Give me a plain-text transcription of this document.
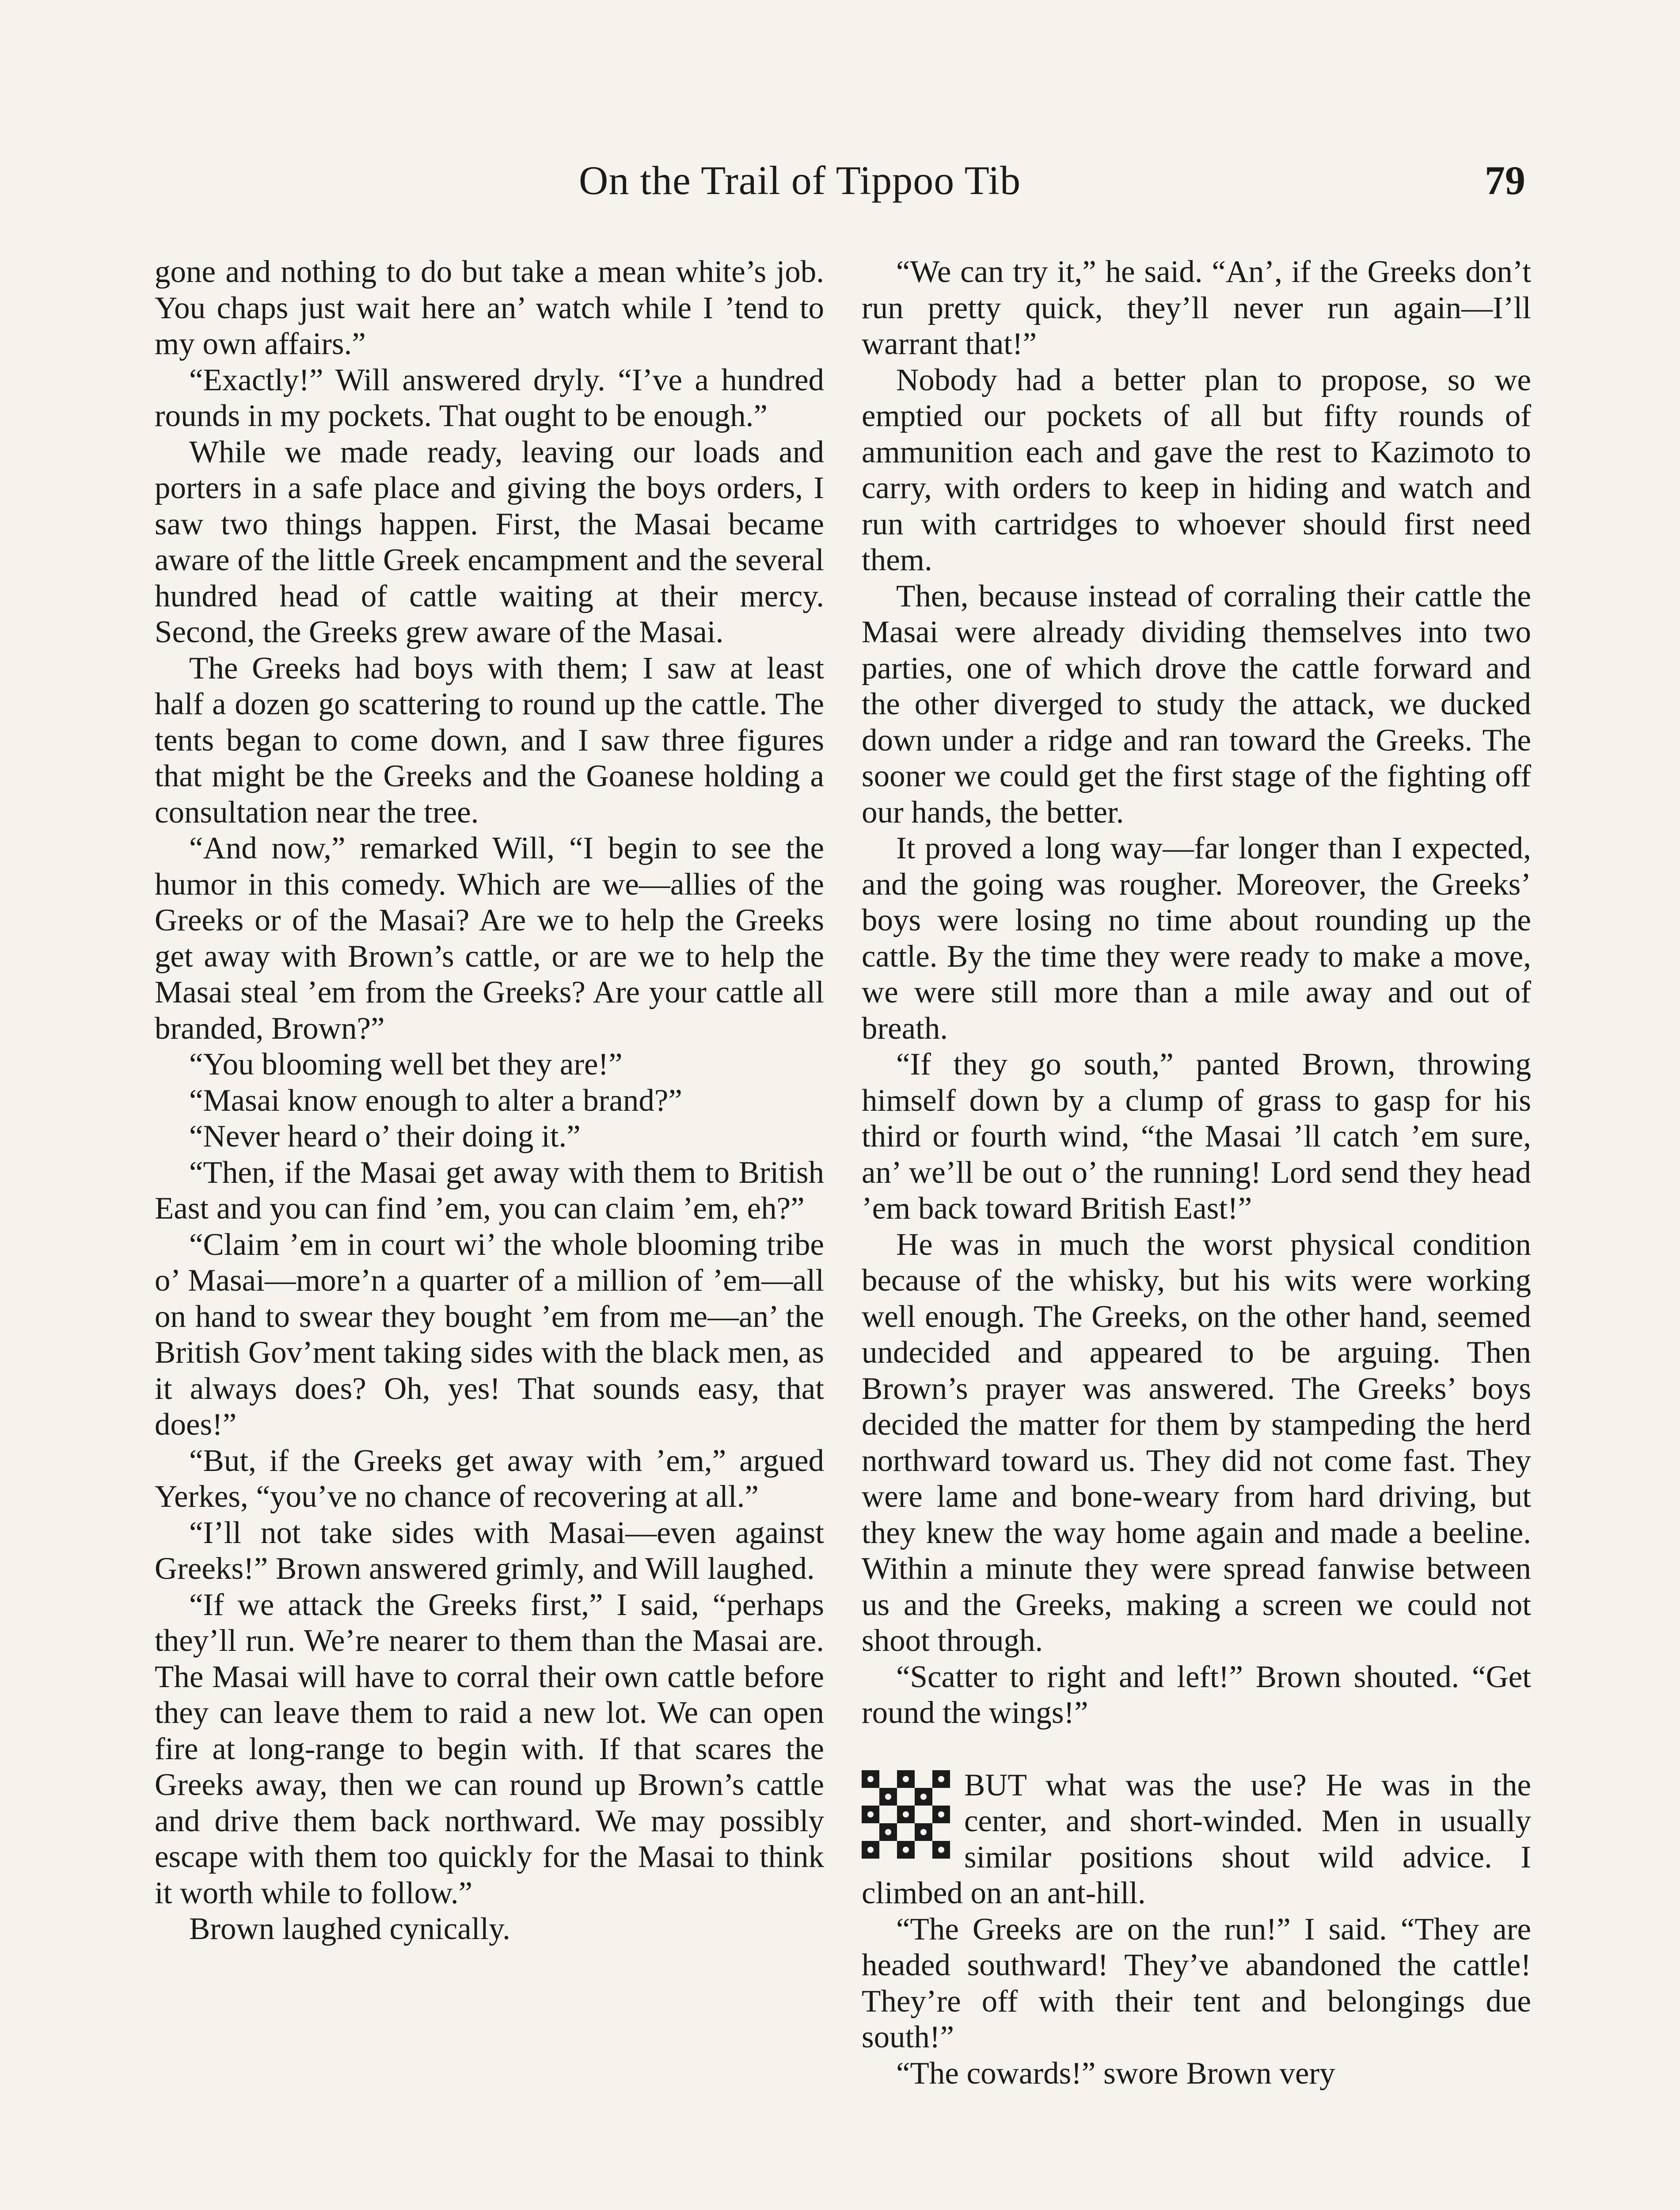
On the Trail of Tippoo Tib	79

gone and nothing to do but take a mean white’s job. You chaps just wait here an’ watch while I ’tend to my own affairs.”

“Exactly!” Will answered dryly. “I’ve a hundred rounds in my pockets. That ought to be enough.”

While we made ready, leaving our loads and porters in a safe place and giving the boys orders, I saw two things happen. First, the Masai became aware of the little Greek encampment and the several hundred head of cattle waiting at their mercy. Second, the Greeks grew aware of the Masai.

The Greeks had boys with them; I saw at least half a dozen go scattering to round up the cattle. The tents began to come down, and I saw three figures that might be the Greeks and the Goanese holding a consultation near the tree.

“And now,” remarked Will, “I begin to see the humor in this comedy. Which are we—allies of the Greeks or of the Masai? Are we to help the Greeks get away with Brown’s cattle, or are we to help the Masai steal ’em from the Greeks? Are your cattle all branded, Brown?”

“You blooming well bet they are!”

“Masai know enough to alter a brand?”

“Never heard o’ their doing it.”

“Then, if the Masai get away with them to British East and you can find ’em, you can claim ’em, eh?”

“Claim ’em in court wi’ the whole blooming tribe o’ Masai—more’n a quarter of a million of ’em—all on hand to swear they bought ’em from me—an’ the British Gov’ment taking sides with the black men, as it always does? Oh, yes! That sounds easy, that does!”

“But, if the Greeks get away with ’em,” argued Yerkes, “you’ve no chance of recovering at all.”

“I’ll not take sides with Masai—even against Greeks!” Brown answered grimly, and Will laughed.

“If we attack the Greeks first,” I said, “perhaps they’ll run. We’re nearer to them than the Masai are. The Masai will have to corral their own cattle before they can leave them to raid a new lot. We can open fire at long-range to begin with. If that scares the Greeks away, then we can round up Brown’s cattle and drive them back northward. We may possibly escape with them too quickly for the Masai to think it worth while to follow.”

Brown laughed cynically.

“We can try it,” he said. “An’, if the Greeks don’t run pretty quick, they’ll never run again—I’ll warrant that!”

Nobody had a better plan to propose, so we emptied our pockets of all but fifty rounds of ammunition each and gave the rest to Kazimoto to carry, with orders to keep in hiding and watch and run with cartridges to whoever should first need them.

Then, because instead of corraling their cattle the Masai were already dividing themselves into two parties, one of which drove the cattle forward and the other diverged to study the attack, we ducked down under a ridge and ran toward the Greeks. The sooner we could get the first stage of the fighting off our hands, the better.

It proved a long way—far longer than I expected, and the going was rougher. Moreover, the Greeks’ boys were losing no time about rounding up the cattle. By the time they were ready to make a move, we were still more than a mile away and out of breath.

“If they go south,” panted Brown, throwing himself down by a clump of grass to gasp for his third or fourth wind, “the Masai ’ll catch ’em sure, an’ we’ll be out o’ the running! Lord send they head ’em back toward British East!”

He was in much the worst physical condition because of the whisky, but his wits were working well enough. The Greeks, on the other hand, seemed undecided and appeared to be arguing. Then Brown’s prayer was answered. The Greeks’ boys decided the matter for them by stampeding the herd northward toward us. They did not come fast. They were lame and bone-weary from hard driving, but they knew the way home again and made a beeline. Within a minute they were spread fanwise between us and the Greeks, making a screen we could not shoot through.

“Scatter to right and left!” Brown shouted. “Get round the wings!”

BUT what was the use? He was in the center, and short-winded. Men in usually similar positions shout wild advice. I climbed on an ant-hill.

“The Greeks are on the run!” I said. “They are headed southward! They’ve abandoned the cattle! They’re off with their tent and belongings due south!”

“The cowards!” swore Brown very
